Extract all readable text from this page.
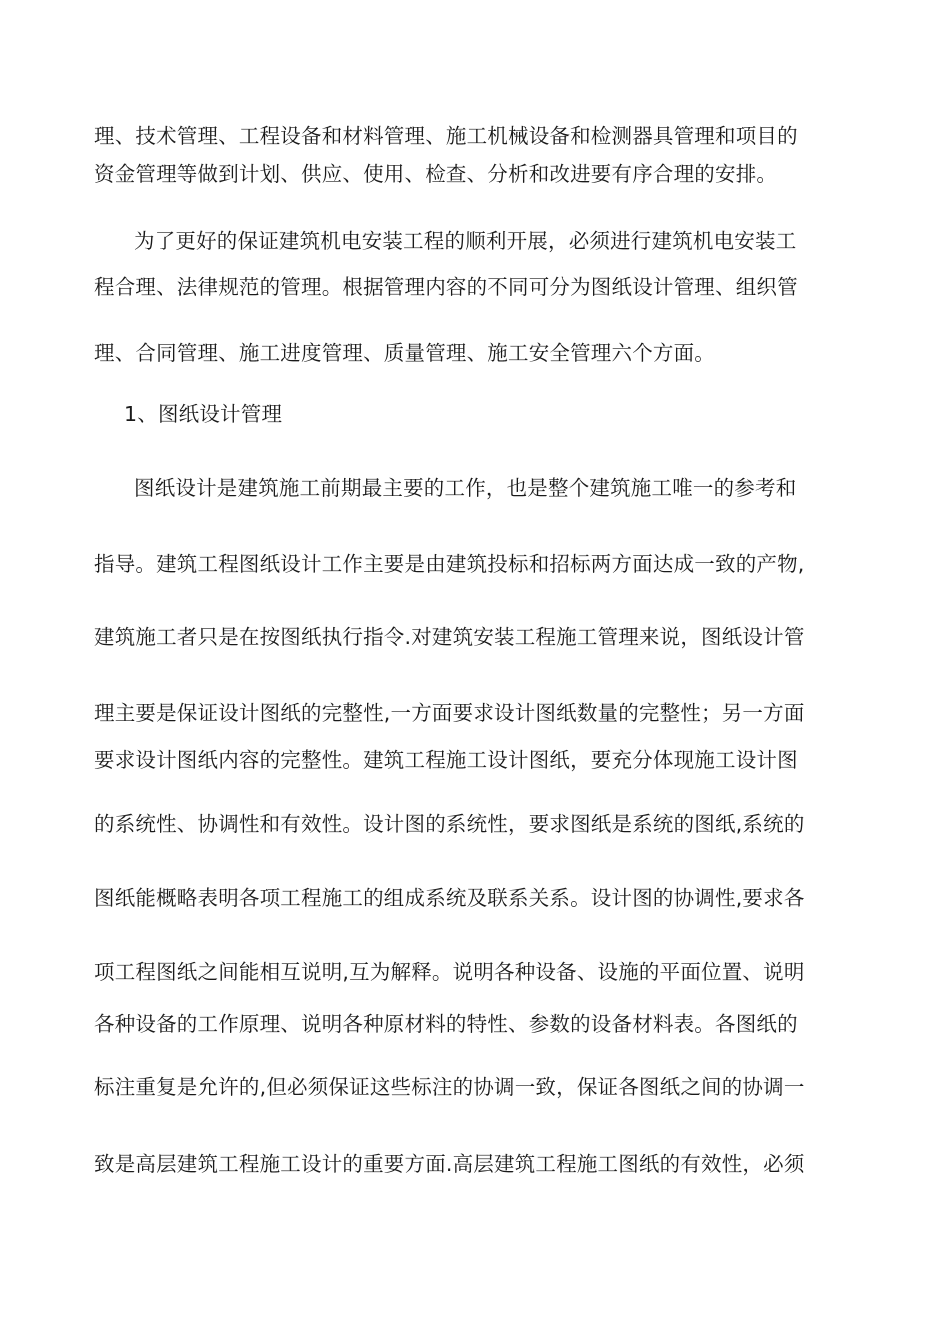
理、技术管理、工程设备和材料管理、施工机械设备和检测器具管理和项目的
资金管理等做到计划、供应、使用、检查、分析和改进要有序合理的安排。
为了更好的保证建筑机电安装工程的顺利开展，必须进行建筑机电安装工
程合理、法律规范的管理。根据管理内容的不同可分为图纸设计管理、组织管
理、合同管理、施工进度管理、质量管理、施工安全管理六个方面。
1、图纸设计管理
图纸设计是建筑施工前期最主要的工作，也是整个建筑施工唯一的参考和
指导。建筑工程图纸设计工作主要是由建筑投标和招标两方面达成一致的产物,
建筑施工者只是在按图纸执行指令.对建筑安装工程施工管理来说，图纸设计管
理主要是保证设计图纸的完整性,一方面要求设计图纸数量的完整性；另一方面
要求设计图纸内容的完整性。建筑工程施工设计图纸，要充分体现施工设计图
的系统性、协调性和有效性。设计图的系统性，要求图纸是系统的图纸,系统的
图纸能概略表明各项工程施工的组成系统及联系关系。设计图的协调性,要求各
项工程图纸之间能相互说明,互为解释。说明各种设备、设施的平面位置、说明
各种设备的工作原理、说明各种原材料的特性、参数的设备材料表。各图纸的
标注重复是允许的,但必须保证这些标注的协调一致，保证各图纸之间的协调一
致是高层建筑工程施工设计的重要方面.高层建筑工程施工图纸的有效性，必须
